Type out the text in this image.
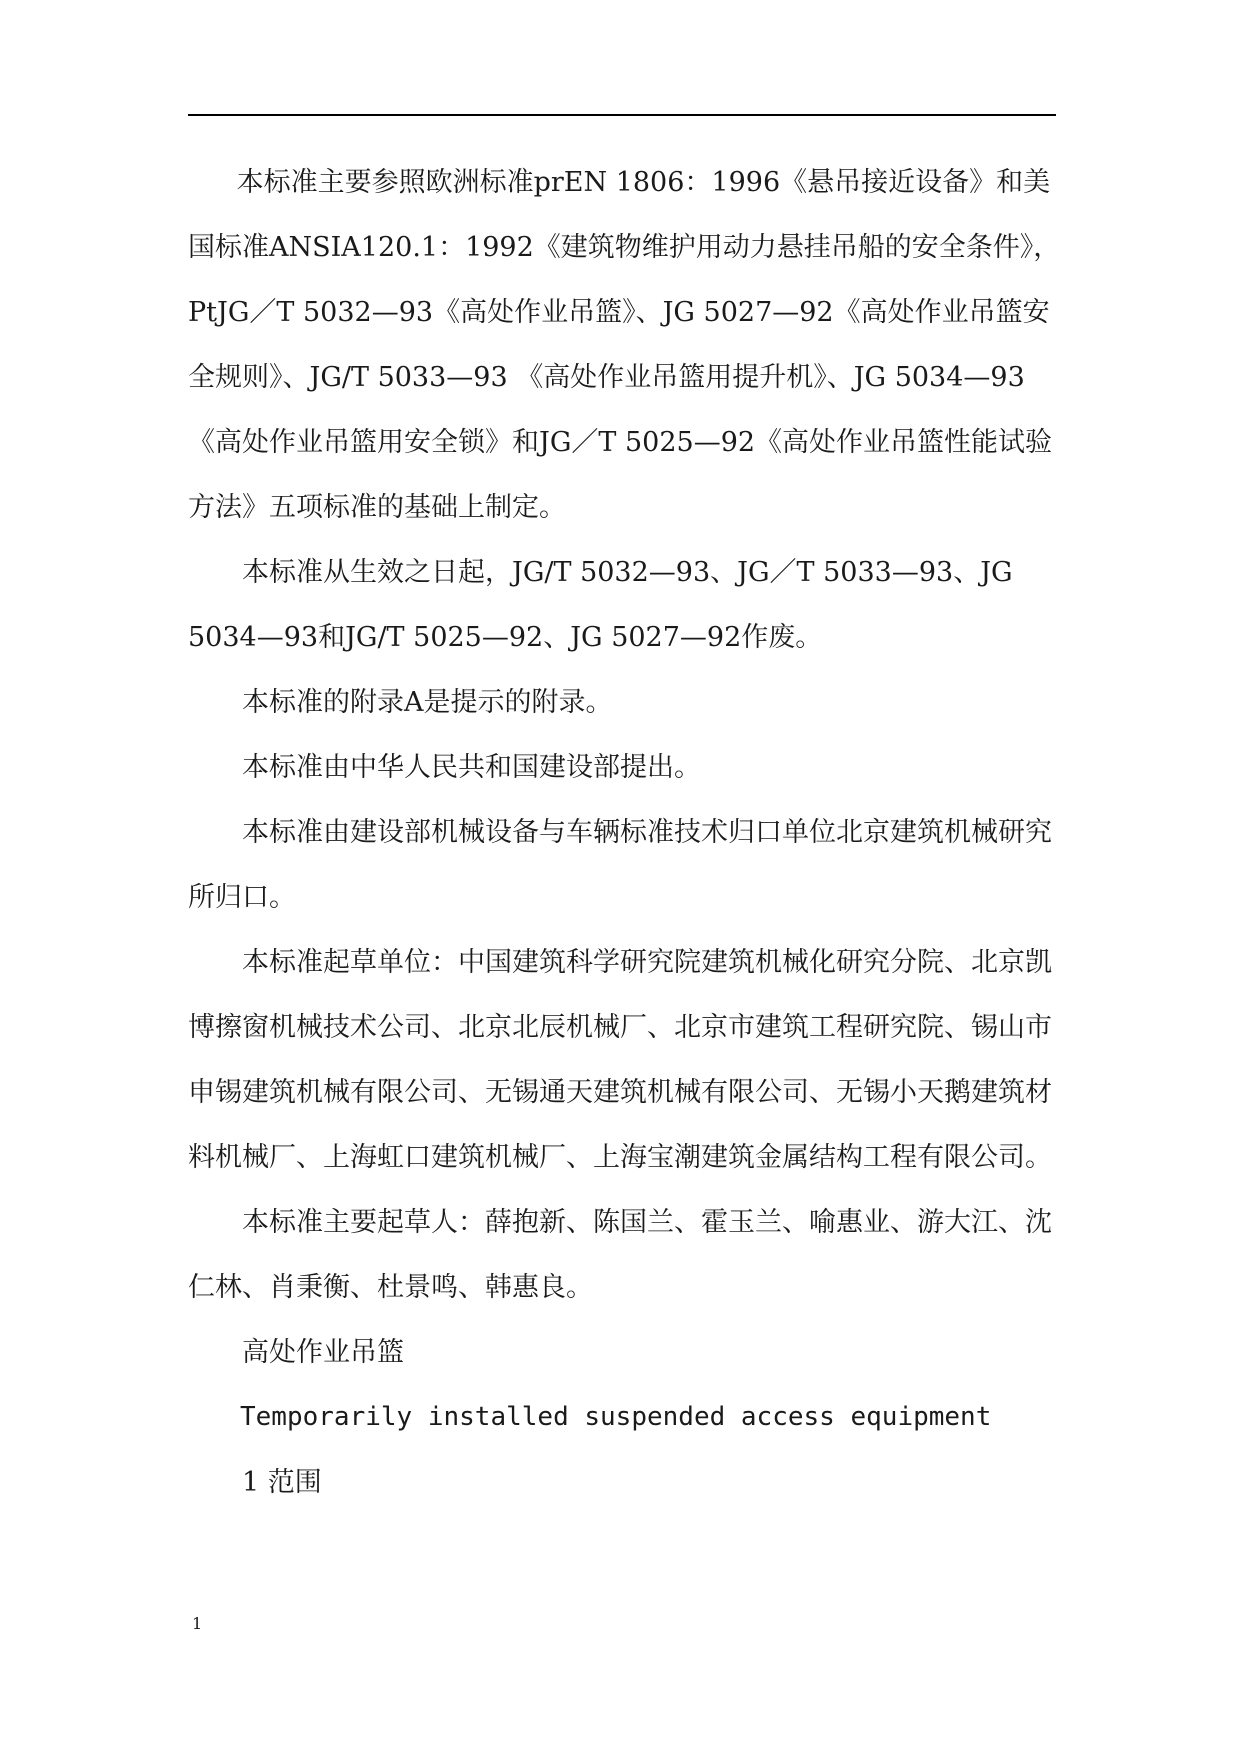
本标准主要参照欧洲标准prEN 1806：1996《悬吊接近设备》和美国标准ANSIA120.1：1992《建筑物维护用动力悬挂吊船的安全条件》，PtJG／T 5032—93《高处作业吊篮》、JG 5027—92《高处作业吊篮安全规则》、JG/T 5033—93 《高处作业吊篮用提升机》、JG 5034—93 《高处作业吊篮用安全锁》和JG／T 5025—92《高处作业吊篮性能试验方法》五项标准的基础上制定。

本标准从生效之日起，JG/T 5032—93、JG／T 5033—93、JG 5034—93和JG/T 5025—92、JG 5027—92作废。

本标准的附录A是提示的附录。

本标准由中华人民共和国建设部提出。

本标准由建设部机械设备与车辆标准技术归口单位北京建筑机械研究所归口。

本标准起草单位：中国建筑科学研究院建筑机械化研究分院、北京凯博擦窗机械技术公司、北京北辰机械厂、北京市建筑工程研究院、锡山市申锡建筑机械有限公司、无锡通天建筑机械有限公司、无锡小天鹅建筑材料机械厂、上海虹口建筑机械厂、上海宝潮建筑金属结构工程有限公司。

本标准主要起草人：薛抱新、陈国兰、霍玉兰、喻惠业、游大江、沈仁林、肖秉衡、杜景鸣、韩惠良。

高处作业吊篮

Temporarily installed suspended access equipment

1 范围

1
